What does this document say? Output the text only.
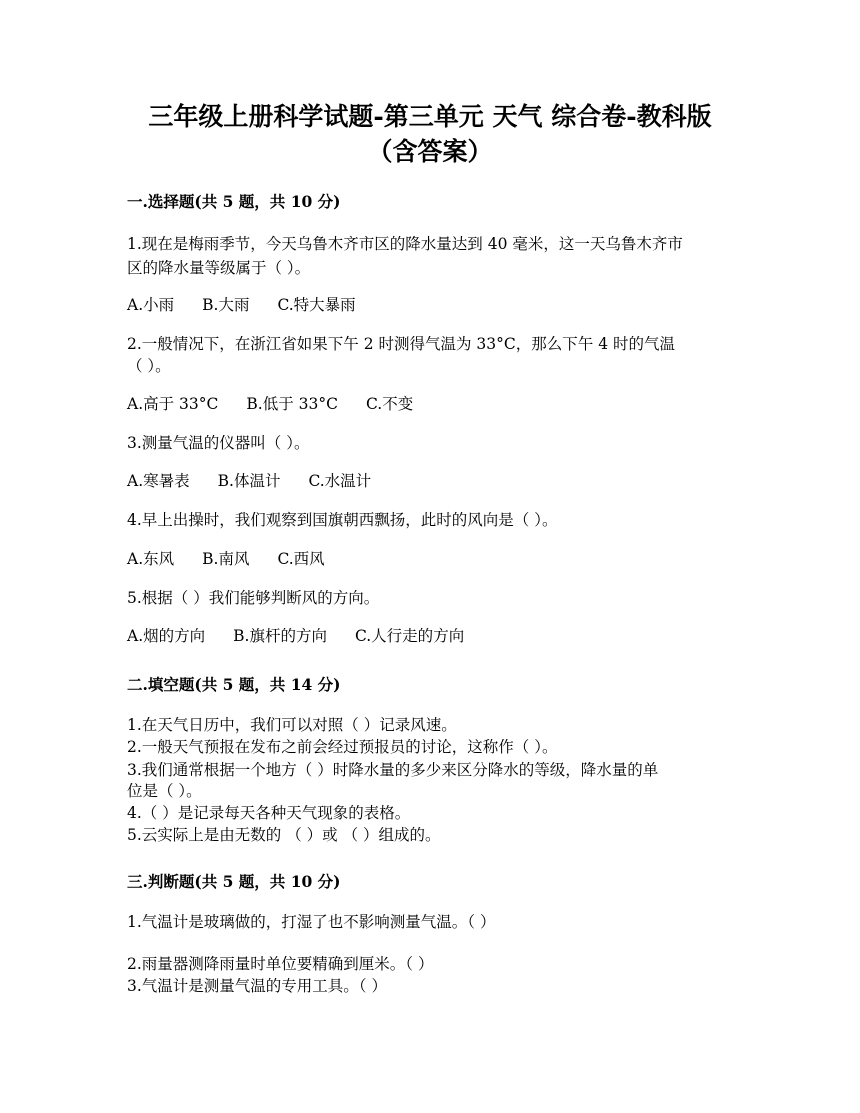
三年级上册科学试题-第三单元 天气 综合卷-教科版
（含答案）
一.选择题(共 5 题，共 10 分)
1.现在是梅雨季节，今天乌鲁木齐市区的降水量达到 40 毫米，这一天乌鲁木齐市
区的降水量等级属于（ ）。
A.小雨 B.大雨 C.特大暴雨
2.一般情况下，在浙江省如果下午 2 时测得气温为 33°C，那么下午 4 时的气温
（ ）。
A.高于 33°C B.低于 33°C C.不变
3.测量气温的仪器叫（ ）。
A.寒暑表 B.体温计 C.水温计
4.早上出操时，我们观察到国旗朝西飘扬，此时的风向是（ ）。
A.东风 B.南风 C.西风
5.根据（ ）我们能够判断风的方向。
A.烟的方向 B.旗杆的方向 C.人行走的方向
二.填空题(共 5 题，共 14 分)
1.在天气日历中，我们可以对照（ ）记录风速。
2.一般天气预报在发布之前会经过预报员的讨论，这称作（ ）。
3.我们通常根据一个地方（ ）时降水量的多少来区分降水的等级，降水量的单
位是（ ）。
4.（ ）是记录每天各种天气现象的表格。
5.云实际上是由无数的 （ ）或 （ ）组成的。
三.判断题(共 5 题，共 10 分)
1.气温计是玻璃做的，打湿了也不影响测量气温。（ ）
2.雨量器测降雨量时单位要精确到厘米。（ ）
3.气温计是测量气温的专用工具。（ ）
